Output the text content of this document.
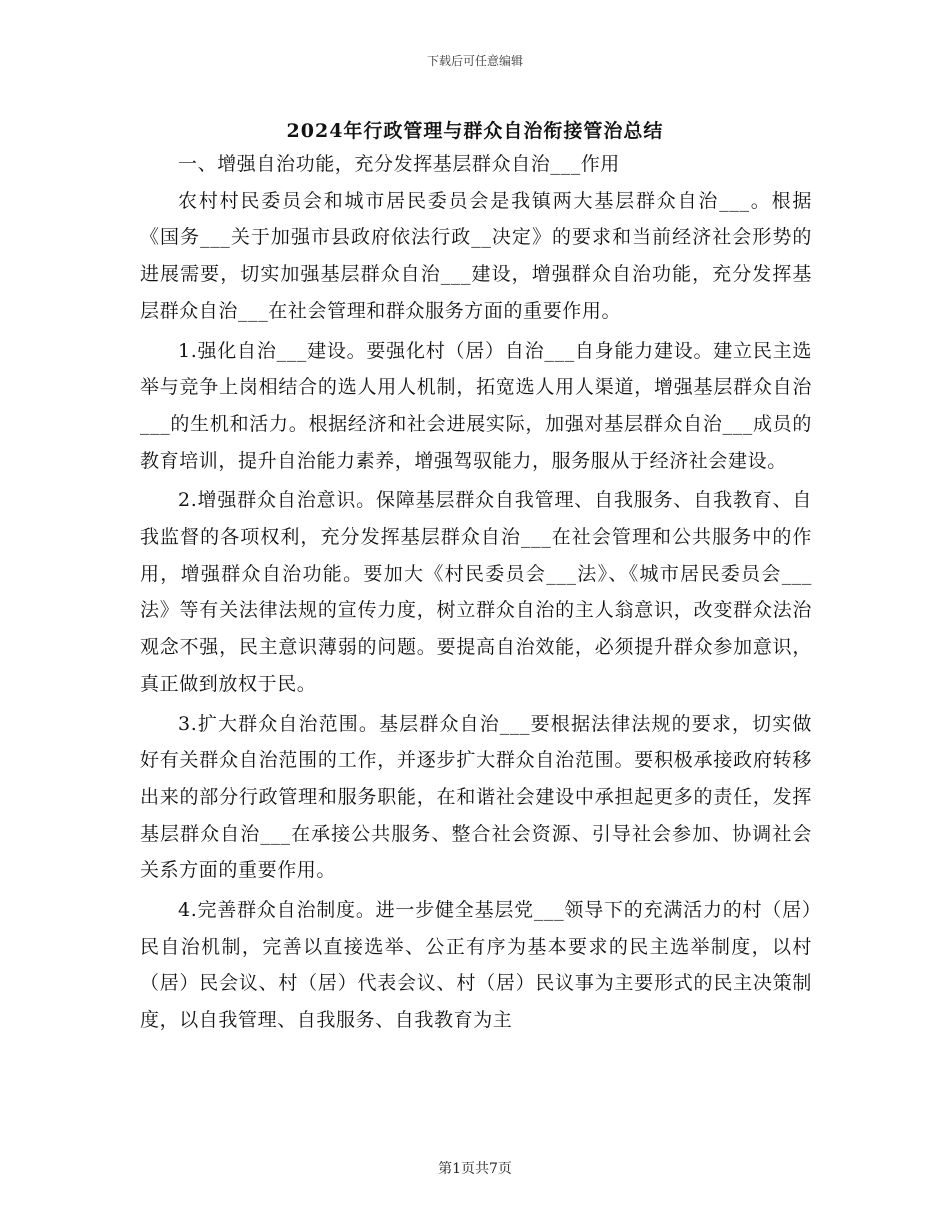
下载后可任意编辑
2024年行政管理与群众自治衔接管治总结

一、增强自治功能，充分发挥基层群众自治___作用

农村村民委员会和城市居民委员会是我镇两大基层群众自治___。根据《国务___关于加强市县政府依法行政__决定》的要求和当前经济社会形势的进展需要，切实加强基层群众自治___建设，增强群众自治功能，充分发挥基层群众自治___在社会管理和群众服务方面的重要作用。

1.强化自治___建设。要强化村（居）自治___自身能力建设。建立民主选举与竞争上岗相结合的选人用人机制，拓宽选人用人渠道，增强基层群众自治___的生机和活力。根据经济和社会进展实际，加强对基层群众自治___成员的教育培训，提升自治能力素养，增强驾驭能力，服务服从于经济社会建设。

2.增强群众自治意识。保障基层群众自我管理、自我服务、自我教育、自我监督的各项权利，充分发挥基层群众自治___在社会管理和公共服务中的作用，增强群众自治功能。要加大《村民委员会___法》、《城市居民委员会___法》等有关法律法规的宣传力度，树立群众自治的主人翁意识，改变群众法治观念不强，民主意识薄弱的问题。要提高自治效能，必须提升群众参加意识，真正做到放权于民。

3.扩大群众自治范围。基层群众自治___要根据法律法规的要求，切实做好有关群众自治范围的工作，并逐步扩大群众自治范围。要积极承接政府转移出来的部分行政管理和服务职能，在和谐社会建设中承担起更多的责任，发挥基层群众自治___在承接公共服务、整合社会资源、引导社会参加、协调社会关系方面的重要作用。

4.完善群众自治制度。进一步健全基层党___领导下的充满活力的村（居）民自治机制，完善以直接选举、公正有序为基本要求的民主选举制度，以村（居）民会议、村（居）代表会议、村（居）民议事为主要形式的民主决策制度，以自我管理、自我服务、自我教育为主

第1页共7页
